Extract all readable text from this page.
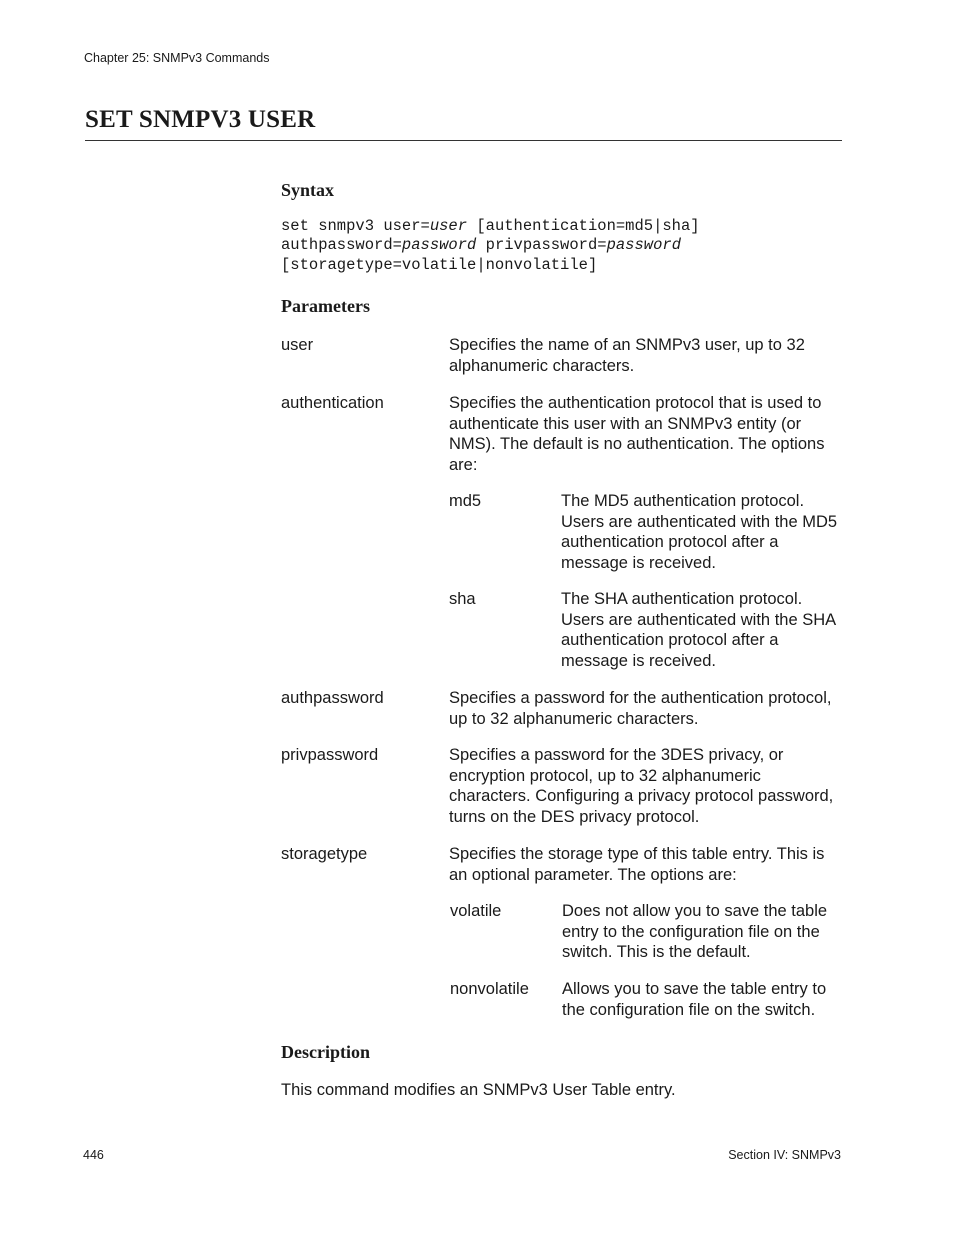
Chapter 25: SNMPv3 Commands
SET SNMPV3 USER
Syntax
set snmpv3 user=user [authentication=md5|sha]
authpassword=password privpassword=password
[storagetype=volatile|nonvolatile]
Parameters
user	Specifies the name of an SNMPv3 user, up to 32 alphanumeric characters.
authentication	Specifies the authentication protocol that is used to authenticate this user with an SNMPv3 entity (or NMS). The default is no authentication. The options are:
md5	The MD5 authentication protocol. Users are authenticated with the MD5 authentication protocol after a message is received.
sha	The SHA authentication protocol. Users are authenticated with the SHA authentication protocol after a message is received.
authpassword	Specifies a password for the authentication protocol, up to 32 alphanumeric characters.
privpassword	Specifies a password for the 3DES privacy, or encryption protocol, up to 32 alphanumeric characters. Configuring a privacy protocol password, turns on the DES privacy protocol.
storagetype	Specifies the storage type of this table entry. This is an optional parameter. The options are:
volatile	Does not allow you to save the table entry to the configuration file on the switch. This is the default.
nonvolatile Allows you to save the table entry to the configuration file on the switch.
Description
This command modifies an SNMPv3 User Table entry.
446	Section IV: SNMPv3
